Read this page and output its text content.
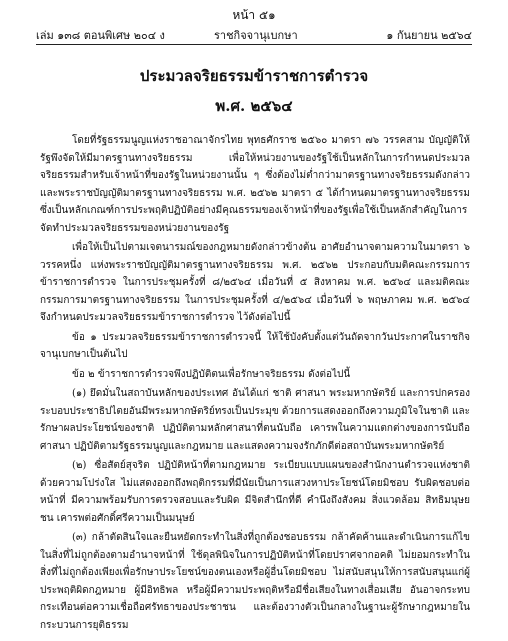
หน้า ๕๑
เล่ม ๑๓๘ ตอนพิเศษ ๒๐๔ ง	ราชกิจจานุเบกษา	๑ กันยายน ๒๕๖๔
ประมวลจริยธรรมข้าราชการตำรวจ
พ.ศ. ๒๕๖๔

โดยที่รัฐธรรมนูญแห่งราชอาณาจักรไทย พุทธศักราช ๒๕๖๐ มาตรา ๗๖ วรรคสาม บัญญัติให้รัฐพึงจัดให้มีมาตรฐานทางจริยธรรม เพื่อให้หน่วยงานของรัฐใช้เป็นหลักในการกำหนดประมวลจริยธรรมสำหรับเจ้าหน้าที่ของรัฐในหน่วยงานนั้น ๆ ซึ่งต้องไม่ต่ำกว่ามาตรฐานทางจริยธรรมดังกล่าว และพระราชบัญญัติมาตรฐานทางจริยธรรม พ.ศ. ๒๕๖๒ มาตรา ๕ ได้กำหนดมาตรฐานทางจริยธรรมซึ่งเป็นหลักเกณฑ์การประพฤติปฏิบัติอย่างมีคุณธรรมของเจ้าหน้าที่ของรัฐเพื่อใช้เป็นหลักสำคัญในการจัดทำประมวลจริยธรรมของหน่วยงานของรัฐ

เพื่อให้เป็นไปตามเจตนารมณ์ของกฎหมายดังกล่าวข้างต้น อาศัยอำนาจตามความในมาตรา ๖ วรรคหนึ่ง แห่งพระราชบัญญัติมาตรฐานทางจริยธรรม พ.ศ. ๒๕๖๒ ประกอบกับมติคณะกรรมการข้าราชการตำรวจ ในการประชุมครั้งที่ ๘/๒๕๖๔ เมื่อวันที่ ๕ สิงหาคม พ.ศ. ๒๕๖๔ และมติคณะกรรมการมาตรฐานทางจริยธรรม ในการประชุมครั้งที่ ๔/๒๕๖๔ เมื่อวันที่ ๖ พฤษภาคม พ.ศ. ๒๕๖๔ จึงกำหนดประมวลจริยธรรมข้าราชการตำรวจ ไว้ดังต่อไปนี้

ข้อ ๑ ประมวลจริยธรรมข้าราชการตำรวจนี้ ให้ใช้บังคับตั้งแต่วันถัดจากวันประกาศในราชกิจจานุเบกษาเป็นต้นไป

ข้อ ๒ ข้าราชการตำรวจพึงปฏิบัติตนเพื่อรักษาจริยธรรม ดังต่อไปนี้

(๑) ยึดมั่นในสถาบันหลักของประเทศ อันได้แก่ ชาติ ศาสนา พระมหากษัตริย์ และการปกครองระบอบประชาธิปไตยอันมีพระมหากษัตริย์ทรงเป็นประมุข ด้วยการแสดงออกถึงความภูมิใจในชาติ และรักษาผลประโยชน์ของชาติ ปฏิบัติตามหลักศาสนาที่ตนนับถือ เคารพในความแตกต่างของการนับถือศาสนา ปฏิบัติตามรัฐธรรมนูญและกฎหมาย และแสดงความจงรักภักดีต่อสถาบันพระมหากษัตริย์

(๒) ซื่อสัตย์สุจริต ปฏิบัติหน้าที่ตามกฎหมาย ระเบียบแบบแผนของสำนักงานตำรวจแห่งชาติด้วยความโปร่งใส ไม่แสดงออกถึงพฤติกรรมที่มีนัยเป็นการแสวงหาประโยชน์โดยมิชอบ รับผิดชอบต่อหน้าที่ มีความพร้อมรับการตรวจสอบและรับผิด มีจิตสำนึกที่ดี คำนึงถึงสังคม สิ่งแวดล้อม สิทธิมนุษยชน เคารพต่อศักดิ์ศรีความเป็นมนุษย์

(๓) กล้าตัดสินใจและยืนหยัดกระทำในสิ่งที่ถูกต้องชอบธรรม กล้าคัดค้านและดำเนินการแก้ไขในสิ่งที่ไม่ถูกต้องตามอำนาจหน้าที่ ใช้ดุลพินิจในการปฏิบัติหน้าที่โดยปราศจากอคติ ไม่ยอมกระทำในสิ่งที่ไม่ถูกต้องเพียงเพื่อรักษาประโยชน์ของตนเองหรือผู้อื่นโดยมิชอบ ไม่สนับสนุนให้การสนับสนุนแก่ผู้ประพฤติผิดกฎหมาย ผู้มีอิทธิพล หรือผู้มีความประพฤติหรือมีชื่อเสียงในทางเสื่อมเสีย อันอาจกระทบกระเทือนต่อความเชื่อถือศรัทธาของประชาชน และต้องวางตัวเป็นกลางในฐานะผู้รักษากฎหมายในกระบวนการยุติธรรม
